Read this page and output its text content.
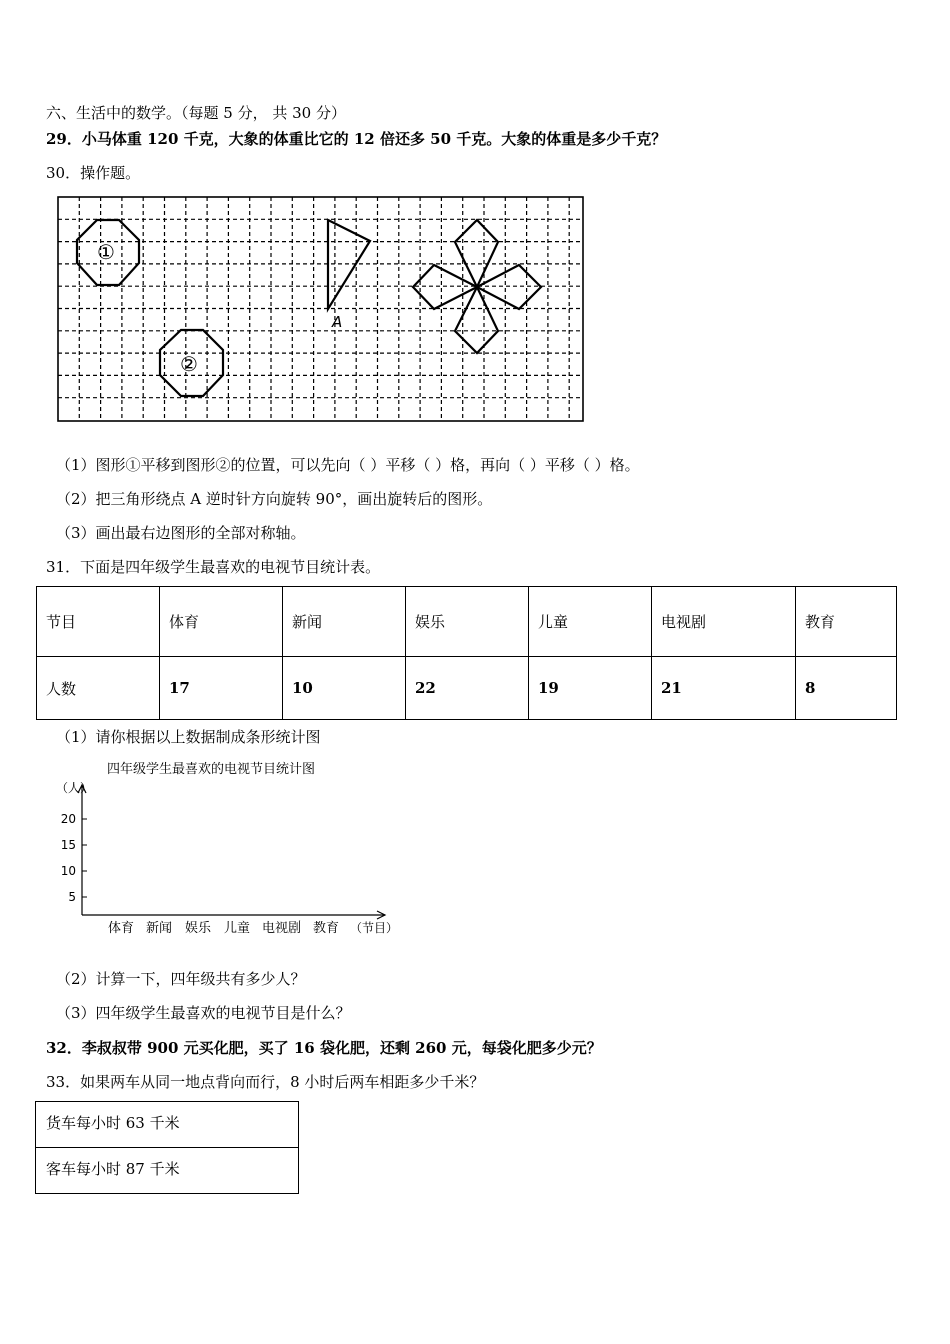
六、生活中的数学。（每题 5 分， 共 30 分）
29．小马体重 120 千克，大象的体重比它的 12 倍还多 50 千克。大象的体重是多少千克？
30．操作题。
①
②
A
（1）图形①平移到图形②的位置，可以先向（ ）平移（ ）格，再向（ ）平移（ ）格。
（2）把三角形绕点 A 逆时针方向旋转 90°，画出旋转后的图形。
（3）画出最右边图形的全部对称轴。
31．下面是四年级学生最喜欢的电视节目统计表。
节目	体育	新闻	娱乐	儿童	电视剧	教育
人数	17	10	22	19	21	8
（1）请你根据以上数据制成条形统计图
四年级学生最喜欢的电视节目统计图
（人）
5
10
15
20
体育 新闻 娱乐 儿童 电视剧 教育 （节目）
（2）计算一下，四年级共有多少人？
（3）四年级学生最喜欢的电视节目是什么？
32．李叔叔带 900 元买化肥，买了 16 袋化肥，还剩 260 元，每袋化肥多少元？
33．如果两车从同一地点背向而行，8 小时后两车相距多少千米？
货车每小时 63 千米
客车每小时 87 千米
